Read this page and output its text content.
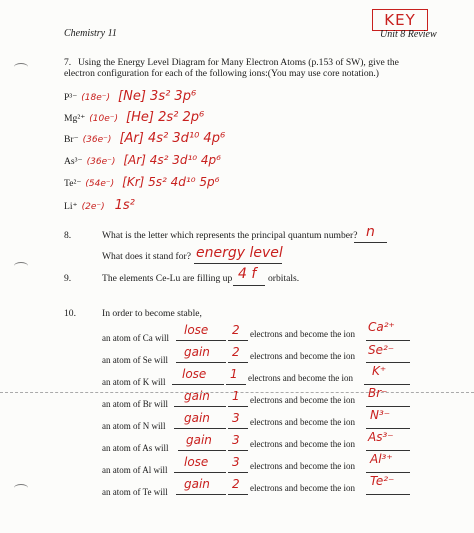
Chemistry 11
KEY
Unit 8 Review
7. Using the Energy Level Diagram for Many Electron Atoms (p.153 of SW), give the
electron configuration for each of the following ions:(You may use core notation.)
P³⁻ (18e⁻) [Ne] 3s² 3p⁶
Mg²⁺ (10e⁻) [He] 2s² 2p⁶
Br⁻ (36e⁻) [Ar] 4s² 3d¹⁰ 4p⁶
As³⁻ (36e⁻) [Ar] 4s² 3d¹⁰ 4p⁶
Te²⁻ (54e⁻) [Kr] 5s² 4d¹⁰ 5p⁶
Li⁺ (2e⁻) 1s²
8.	What is the letter which represents the principal quantum number? n
What does it stand for? energy level
9.	The elements Ce-Lu are filling up 4 f orbitals.
10.	In order to become stable,
an atom of Ca will
lose 2 electrons and become the ion Ca²⁺
an atom of Se will
gain 2 electrons and become the ion Se²⁻
an atom of K will
lose 1 electrons and become the ion K⁺
an atom of Br will
gain 1 electrons and become the ion Br⁻
an atom of N will
gain 3 electrons and become the ion N³⁻
an atom of As will
gain 3 electrons and become the ion As³⁻
an atom of Al will
lose 3 electrons and become the ion Al³⁺
an atom of Te will
gain 2 electrons and become the ion Te²⁻
